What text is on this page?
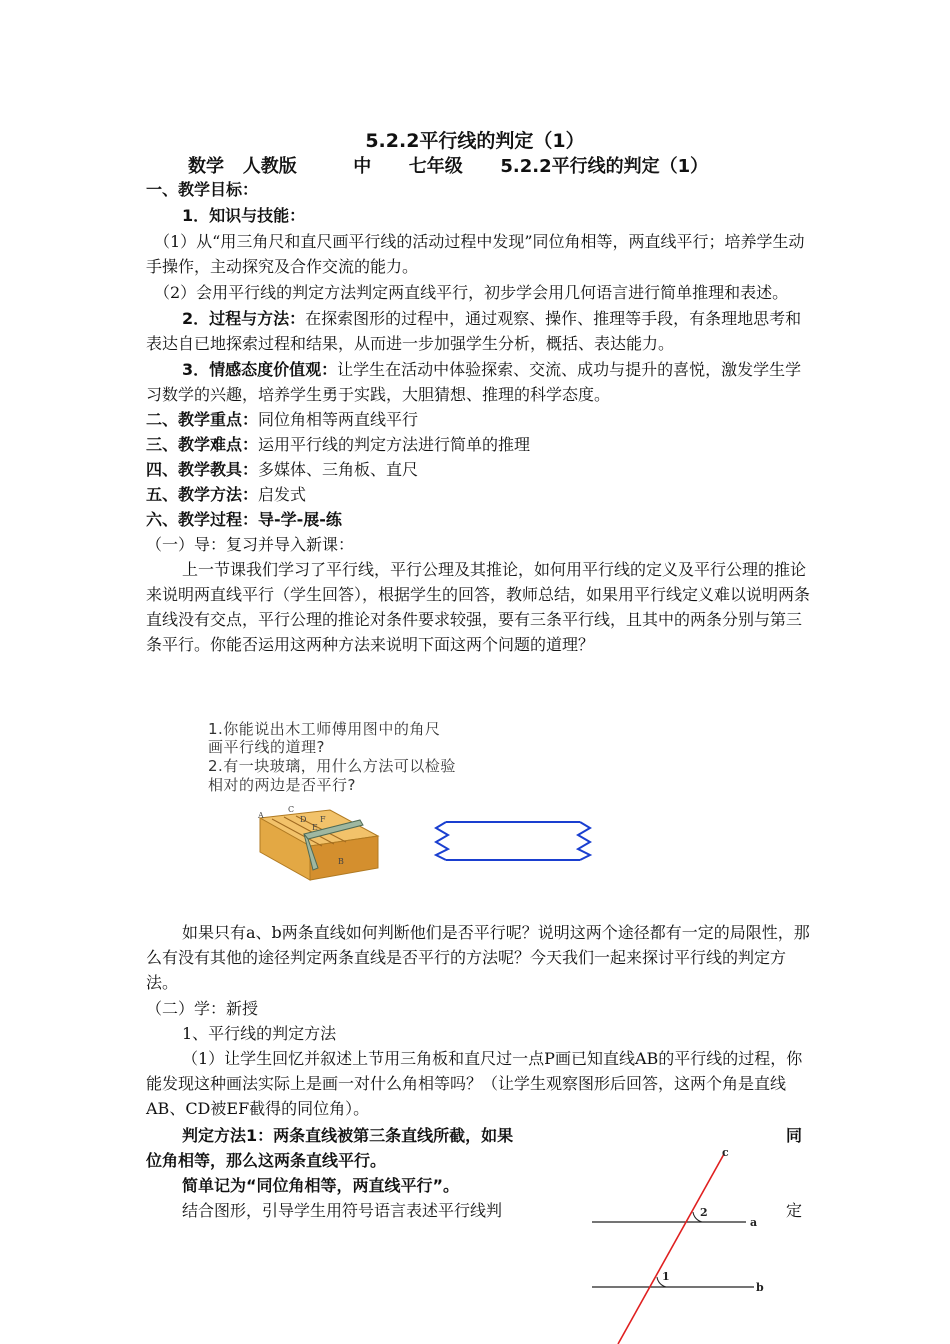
5.2.2平行线的判定（1）
数学   人教版         中      七年级      5.2.2平行线的判定（1）

一、教学目标：

1．知识与技能：

（1）从“用三角尺和直尺画平行线的活动过程中发现”同位角相等，两直线平行；培养学生动手操作，主动探究及合作交流的能力。

（2）会用平行线的判定方法判定两直线平行，初步学会用几何语言进行简单推理和表述。

2．过程与方法：在探索图形的过程中，通过观察、操作、推理等手段，有条理地思考和表达自已地探索过程和结果，从而进一步加强学生分析，概括、表达能力。

3．情感态度价值观：让学生在活动中体验探索、交流、成功与提升的喜悦，激发学生学习数学的兴趣，培养学生勇于实践，大胆猜想、推理的科学态度。

二、教学重点：同位角相等两直线平行

三、教学难点：运用平行线的判定方法进行简单的推理

四、教学教具：多媒体、三角板、直尺

五、教学方法：启发式

六、教学过程：导-学-展-练

（一）导：复习并导入新课：

上一节课我们学习了平行线，平行公理及其推论，如何用平行线的定义及平行公理的推论来说明两直线平行（学生回答），根据学生的回答，教师总结，如果用平行线定义难以说明两条直线没有交点，平行公理的推论对条件要求较强，要有三条平行线，且其中的两条分别与第三条平行。你能否运用这两种方法来说明下面这两个问题的道理？

1.你能说出木工师傅用图中的角尺
画平行线的道理?
2.有一块玻璃，用什么方法可以检验
相对的两边是否平行?
A
C
D
E
F
B

如果只有a、b两条直线如何判断他们是否平行呢？说明这两个途径都有一定的局限性，那么有没有其他的途径判定两条直线是否平行的方法呢？今天我们一起来探讨平行线的判定方法。

（二）学：新授

1、平行线的判定方法

（1）让学生回忆并叙述上节用三角板和直尺过一点P画已知直线AB的平行线的过程，你能发现这种画法实际上是画一对什么角相等吗？（让学生观察图形后回答，这两个角是直线AB、CD被EF截得的同位角）。

判定方法1：两条直线被第三条直线所截，如果

位角相等，那么这两条直线平行。

简单记为“同位角相等，两直线平行”。

结合图形，引导学生用符号语言表述平行线判

同
定
c
a
b
1
2
